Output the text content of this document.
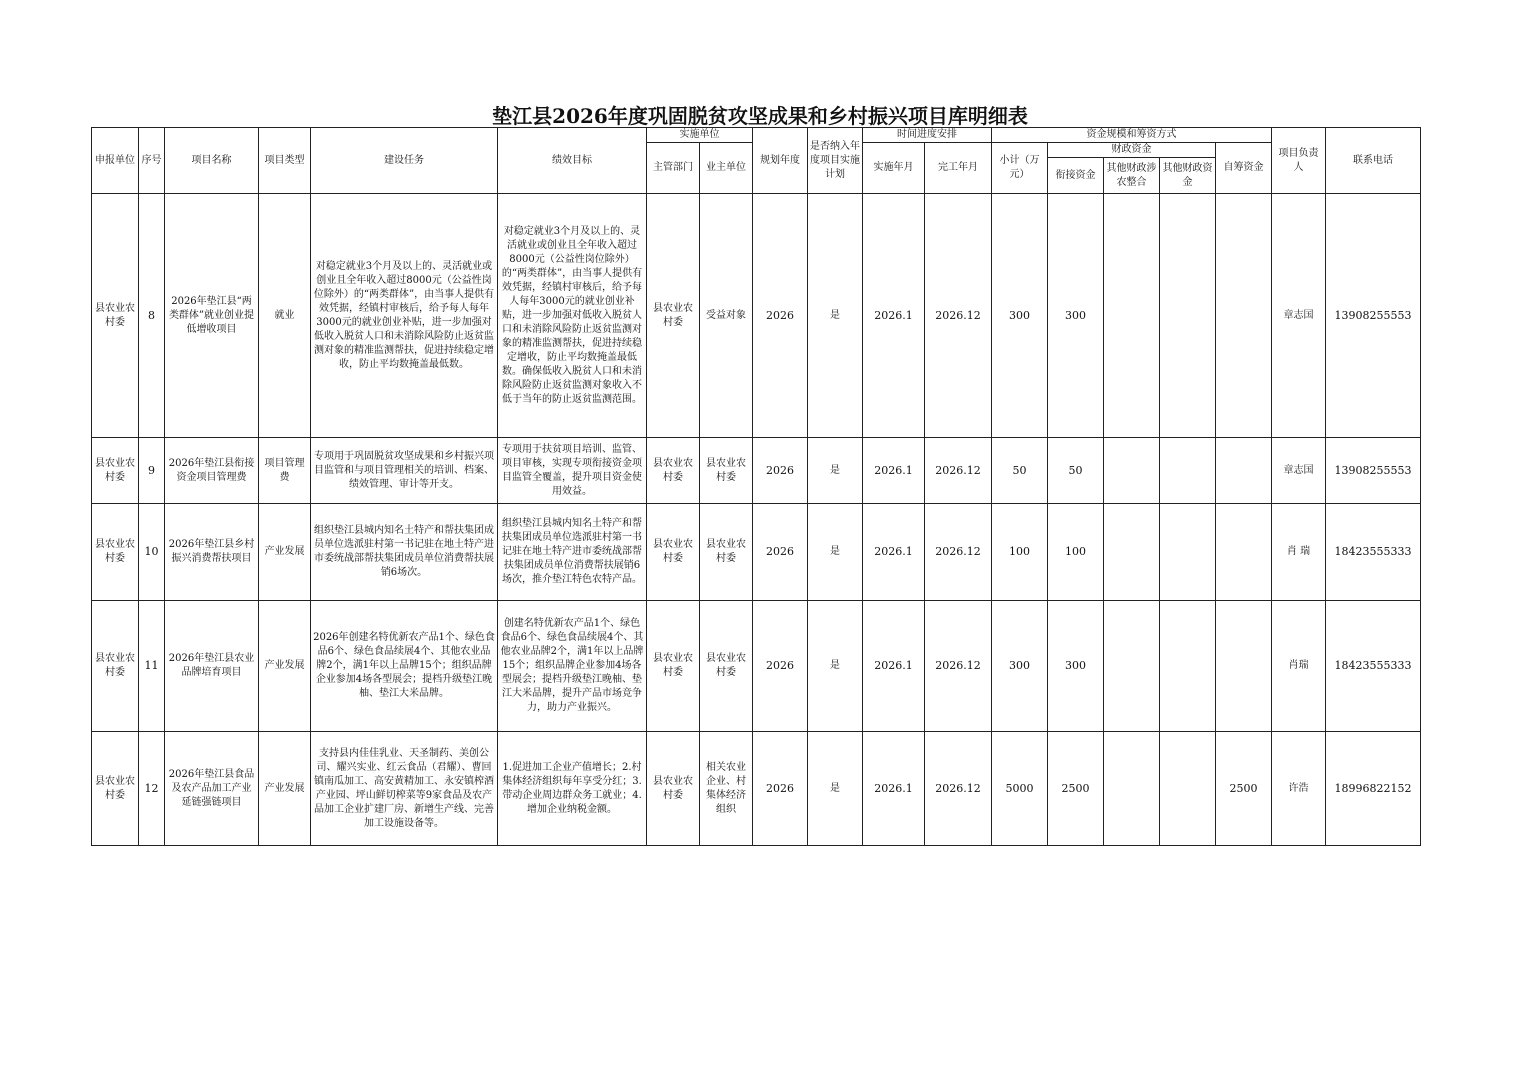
垫江县2026年度巩固脱贫攻坚成果和乡村振兴项目库明细表
申报单位	序号	项目名称	项目类型	建设任务	绩效目标	实施单位		规划年度	是否纳入年度项目实施计划	时间进度安排		资金规模和筹资方式					项目负责人	联系电话
						主管部门	业主单位			实施年月	完工年月	小计（万元）	财政资金			自筹资金		
													衔接资金	其他财政涉农整合	其他财政资金			

县农业农村委	8	2026年垫江县“两类群体”就业创业提低增收项目	就业	对稳定就业3个月及以上的、灵活就业或创业且全年收入超过8000元（公益性岗位除外）的“两类群体”，由当事人提供有效凭据，经镇村审核后，给予每人每年3000元的就业创业补贴，进一步加强对低收入脱贫人口和未消除风险防止返贫监测对象的精准监测帮扶，促进持续稳定增收，防止平均数掩盖最低数。	对稳定就业3个月及以上的、灵活就业或创业且全年收入超过8000元（公益性岗位除外）的“两类群体”，由当事人提供有效凭据，经镇村审核后，给予每人每年3000元的就业创业补贴，进一步加强对低收入脱贫人口和未消除风险防止返贫监测对象的精准监测帮扶，促进持续稳定增收，防止平均数掩盖最低数。确保低收入脱贫人口和未消除风险防止返贫监测对象收入不低于当年的防止返贫监测范围。	县农业农村委	受益对象	2026	是	2026.1	2026.12	300	300				章志国	13908255553
县农业农村委	9	2026年垫江县衔接资金项目管理费	项目管理费	专项用于巩固脱贫攻坚成果和乡村振兴项目监管和与项目管理相关的培训、档案、绩效管理、审计等开支。	专项用于扶贫项目培训、监管、项目审核，实现专项衔接资金项目监管全覆盖，提升项目资金使用效益。	县农业农村委	县农业农村委	2026	是	2026.1	2026.12	50	50				章志国	13908255553
县农业农村委	10	2026年垫江县乡村振兴消费帮扶项目	产业发展	组织垫江县城内知名土特产和帮扶集团成员单位选派驻村第一书记驻在地土特产进市委统战部帮扶集团成员单位消费帮扶展销6场次。	组织垫江县城内知名土特产和帮扶集团成员单位选派驻村第一书记驻在地土特产进市委统战部帮扶集团成员单位消费帮扶展销6场次，推介垫江特色农特产品。	县农业农村委	县农业农村委	2026	是	2026.1	2026.12	100	100				肖 瑞	18423555333
县农业农村委	11	2026年垫江县农业品牌培育项目	产业发展	2026年创建名特优新农产品1个、绿色食品6个、绿色食品续展4个、其他农业品牌2个，满1年以上品牌15个；组织品牌企业参加4场各型展会；提档升级垫江晚柚、垫江大米品牌。	创建名特优新农产品1个、绿色食品6个、绿色食品续展4个、其他农业品牌2个，满1年以上品牌15个；组织品牌企业参加4场各型展会；提档升级垫江晚柚、垫江大米品牌，提升产品市场竞争力，助力产业振兴。	县农业农村委	县农业农村委	2026	是	2026.1	2026.12	300	300				肖瑞	18423555333
县农业农村委	12	2026年垫江县食品及农产品加工产业延链强链项目	产业发展	支持县内佳佳乳业、天圣制药、美创公司、耀兴实业、红云食品（君耀）、曹回镇南瓜加工、高安黄精加工、永安镇榨酒产业园、坪山鲜切榨菜等9家食品及农产品加工企业扩建厂房、新增生产线、完善加工设施设备等。	1.促进加工企业产值增长；2.村集体经济组织每年享受分红；3.带动企业周边群众务工就业；4.增加企业纳税金额。	县农业农村委	相关农业企业、村集体经济组织	2026	是	2026.1	2026.12	5000	2500			2500	许浩	18996822152
